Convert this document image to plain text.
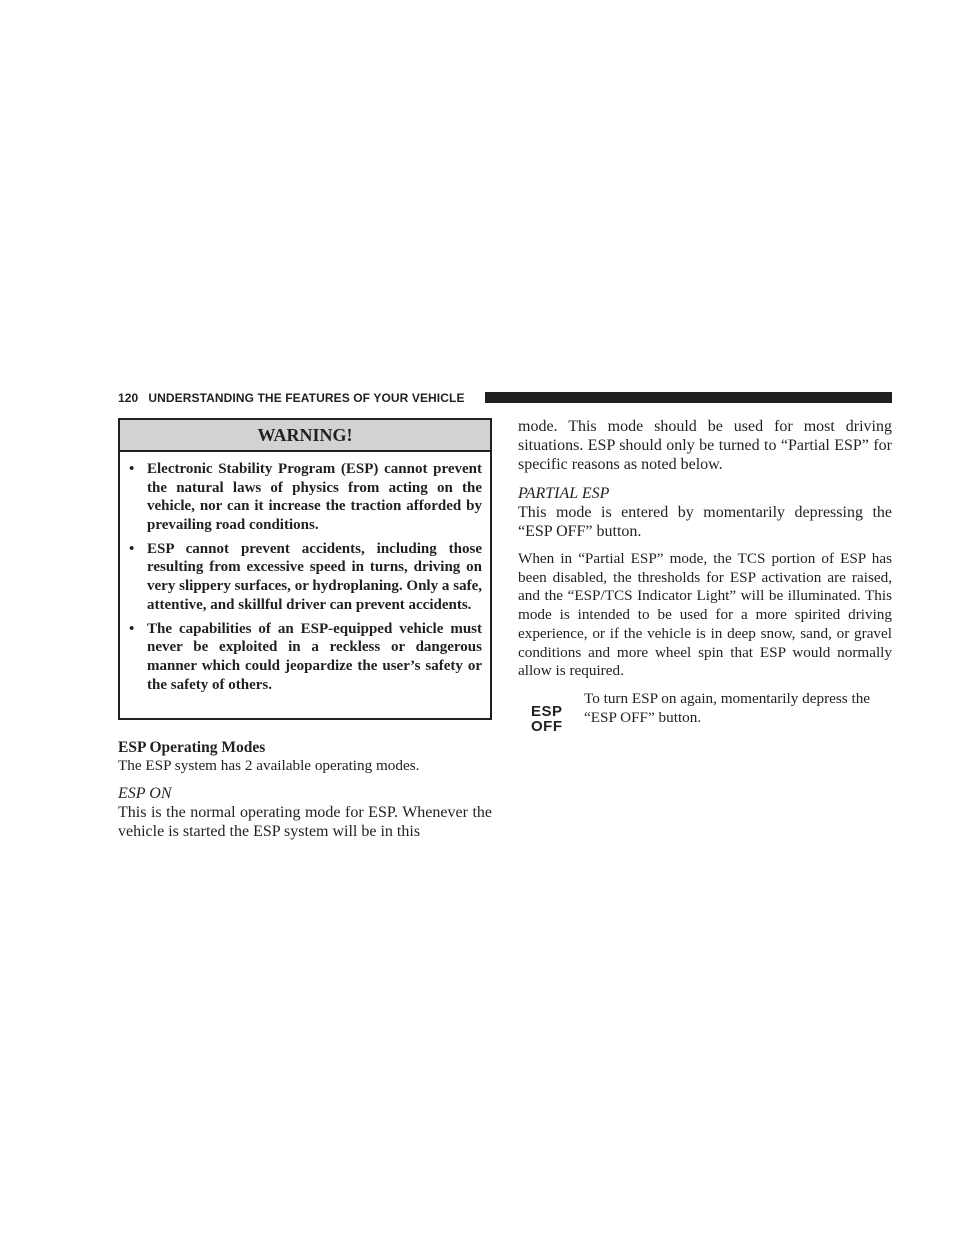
120 UNDERSTANDING THE FEATURES OF YOUR VEHICLE
WARNING!
• Electronic Stability Program (ESP) cannot prevent the natural laws of physics from acting on the vehicle, nor can it increase the traction afforded by prevailing road conditions.
• ESP cannot prevent accidents, including those resulting from excessive speed in turns, driving on very slippery surfaces, or hydroplaning. Only a safe, attentive, and skillful driver can prevent accidents.
• The capabilities of an ESP-equipped vehicle must never be exploited in a reckless or dangerous manner which could jeopardize the user’s safety or the safety of others.

ESP Operating Modes

The ESP system has 2 available operating modes.

ESP ON

This is the normal operating mode for ESP. Whenever the vehicle is started the ESP system will be in this

mode. This mode should be used for most driving situations. ESP should only be turned to “Partial ESP” for specific reasons as noted below.

PARTIAL ESP

This mode is entered by momentarily depressing the “ESP OFF” button.

When in “Partial ESP” mode, the TCS portion of ESP has been disabled, the thresholds for ESP activation are raised, and the “ESP/TCS Indicator Light” will be illuminated. This mode is intended to be used for a more spirited driving experience, or if the vehicle is in deep snow, sand, or gravel conditions and more wheel spin that ESP would normally allow is required.

ESP
OFF

To turn ESP on again, momentarily depress the “ESP OFF” button.
